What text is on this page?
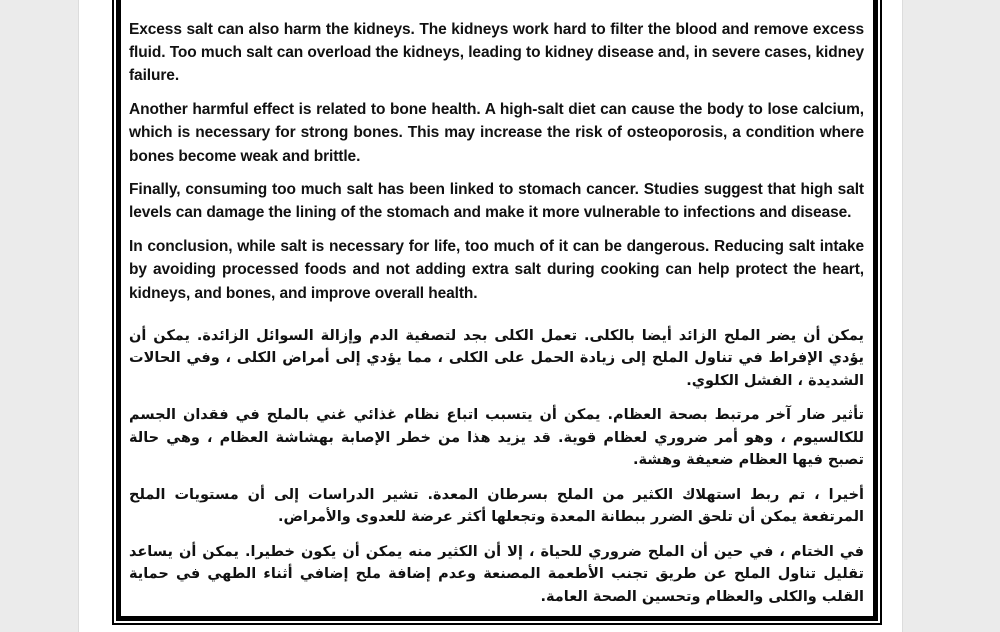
Excess salt can also harm the kidneys. The kidneys work hard to filter the blood and remove excess fluid. Too much salt can overload the kidneys, leading to kidney disease and, in severe cases, kidney failure.

Another harmful effect is related to bone health. A high-salt diet can cause the body to lose calcium, which is necessary for strong bones. This may increase the risk of osteoporosis, a condition where bones become weak and brittle.

Finally, consuming too much salt has been linked to stomach cancer. Studies suggest that high salt levels can damage the lining of the stomach and make it more vulnerable to infections and disease.

In conclusion, while salt is necessary for life, too much of it can be dangerous. Reducing salt intake by avoiding processed foods and not adding extra salt during cooking can help protect the heart, kidneys, and bones, and improve overall health.

يمكن أن يضر الملح الزائد أيضا بالكلى. تعمل الكلى بجد لتصفية الدم وإزالة السوائل الزائدة. يمكن أن يؤدي الإفراط في تناول الملح إلى زيادة الحمل على الكلى ، مما يؤدي إلى أمراض الكلى ، وفي الحالات الشديدة ، الفشل الكلوي.

تأثير ضار آخر مرتبط بصحة العظام. يمكن أن يتسبب اتباع نظام غذائي غني بالملح في فقدان الجسم للكالسيوم ، وهو أمر ضروري لعظام قوية. قد يزيد هذا من خطر الإصابة بهشاشة العظام ، وهي حالة تصبح فيها العظام ضعيفة وهشة.

أخيرا ، تم ربط استهلاك الكثير من الملح بسرطان المعدة. تشير الدراسات إلى أن مستويات الملح المرتفعة يمكن أن تلحق الضرر ببطانة المعدة وتجعلها أكثر عرضة للعدوى والأمراض.

في الختام ، في حين أن الملح ضروري للحياة ، إلا أن الكثير منه يمكن أن يكون خطيرا. يمكن أن يساعد تقليل تناول الملح عن طريق تجنب الأطعمة المصنعة وعدم إضافة ملح إضافي أثناء الطهي في حماية القلب والكلى والعظام وتحسين الصحة العامة.
